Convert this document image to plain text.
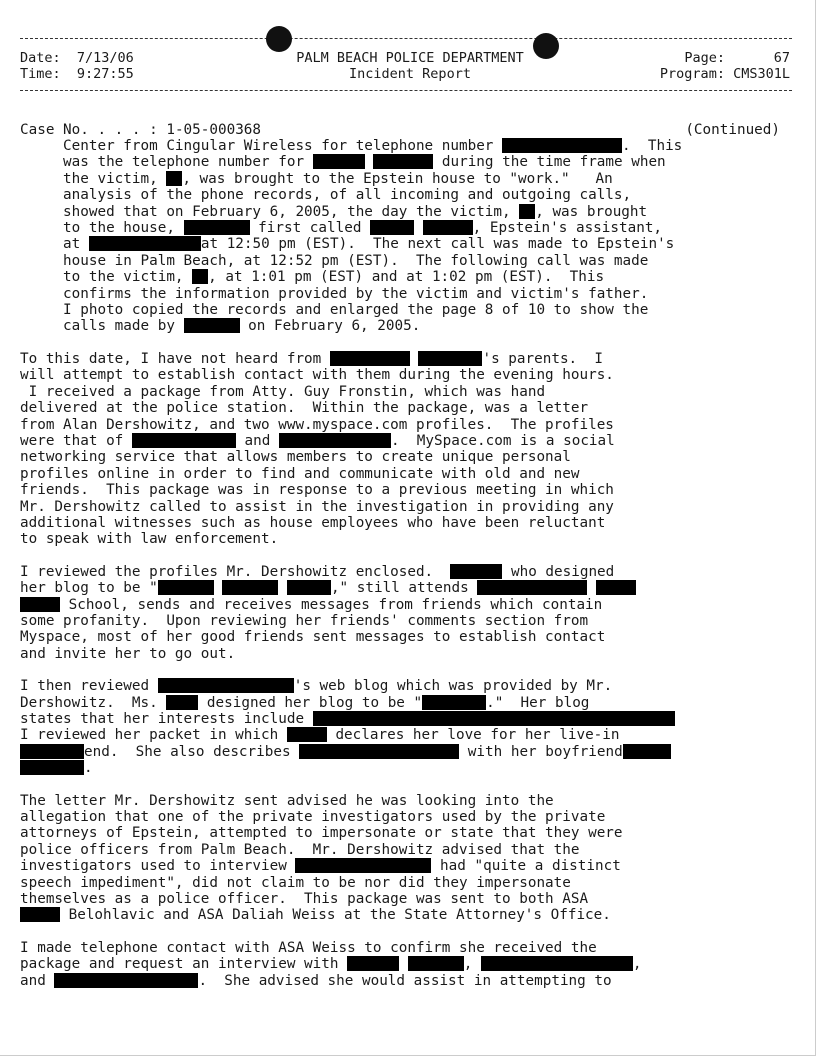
Date: 7/13/06
Time: 9:27:55
PALM BEACH POLICE DEPARTMENT
Incident Report
Page:	67
Program: CMS301L
Case No. . . . : 1-05-000368	(Continued)
Center from Cingular Wireless for telephone number	.  This
was the telephone number for	during the time frame when
the victim, , was brought to the Epstein house to "work."   An
analysis of the phone records, of all incoming and outgoing calls,
showed that on February 6, 2005, the day the victim, , was brought
to the house,	first called	, Epstein's assistant,
at	at 12:50 pm (EST).  The next call was made to Epstein's
house in Palm Beach, at 12:52 pm (EST).  The following call was made
to the victim, , at 1:01 pm (EST) and at 1:02 pm (EST).  This
confirms the information provided by the victim and victim's father.
I photo copied the records and enlarged the page 8 of 10 to show the
calls made by	on February 6, 2005.
To this date, I have not heard from	's parents.  I
will attempt to establish contact with them during the evening hours.
I received a package from Atty. Guy Fronstin, which was hand
delivered at the police station.  Within the package, was a letter
from Alan Dershowitz, and two www.myspace.com profiles.  The profiles
were that of	and	.  MySpace.com is a social
networking service that allows members to create unique personal
profiles online in order to find and communicate with old and new
friends.  This package was in response to a previous meeting in which
Mr. Dershowitz called to assist in the investigation in providing any
additional witnesses such as house employees who have been reluctant
to speak with law enforcement.
I reviewed the profiles Mr. Dershowitz enclosed.	who designed
her blog to be "	," still attends
School, sends and receives messages from friends which contain
some profanity.  Upon reviewing her friends' comments section from
Myspace, most of her good friends sent messages to establish contact
and invite her to go out.
I then reviewed	's web blog which was provided by Mr.
Dershowitz.  Ms.  designed her blog to be "	."  Her blog
states that her interests include
I reviewed her packet in which	declares her love for her live-in
end.  She also describes	with her boyfriend
.
The letter Mr. Dershowitz sent advised he was looking into the
allegation that one of the private investigators used by the private
attorneys of Epstein, attempted to impersonate or state that they were
police officers from Palm Beach.  Mr. Dershowitz advised that the
investigators used to interview	had "quite a distinct
speech impediment", did not claim to be nor did they impersonate
themselves as a police officer.  This package was sent to both ASA
Belohlavic and ASA Daliah Weiss at the State Attorney's Office.
I made telephone contact with ASA Weiss to confirm she received the
package and request an interview with	,	,
and	.  She advised she would assist in attempting to
